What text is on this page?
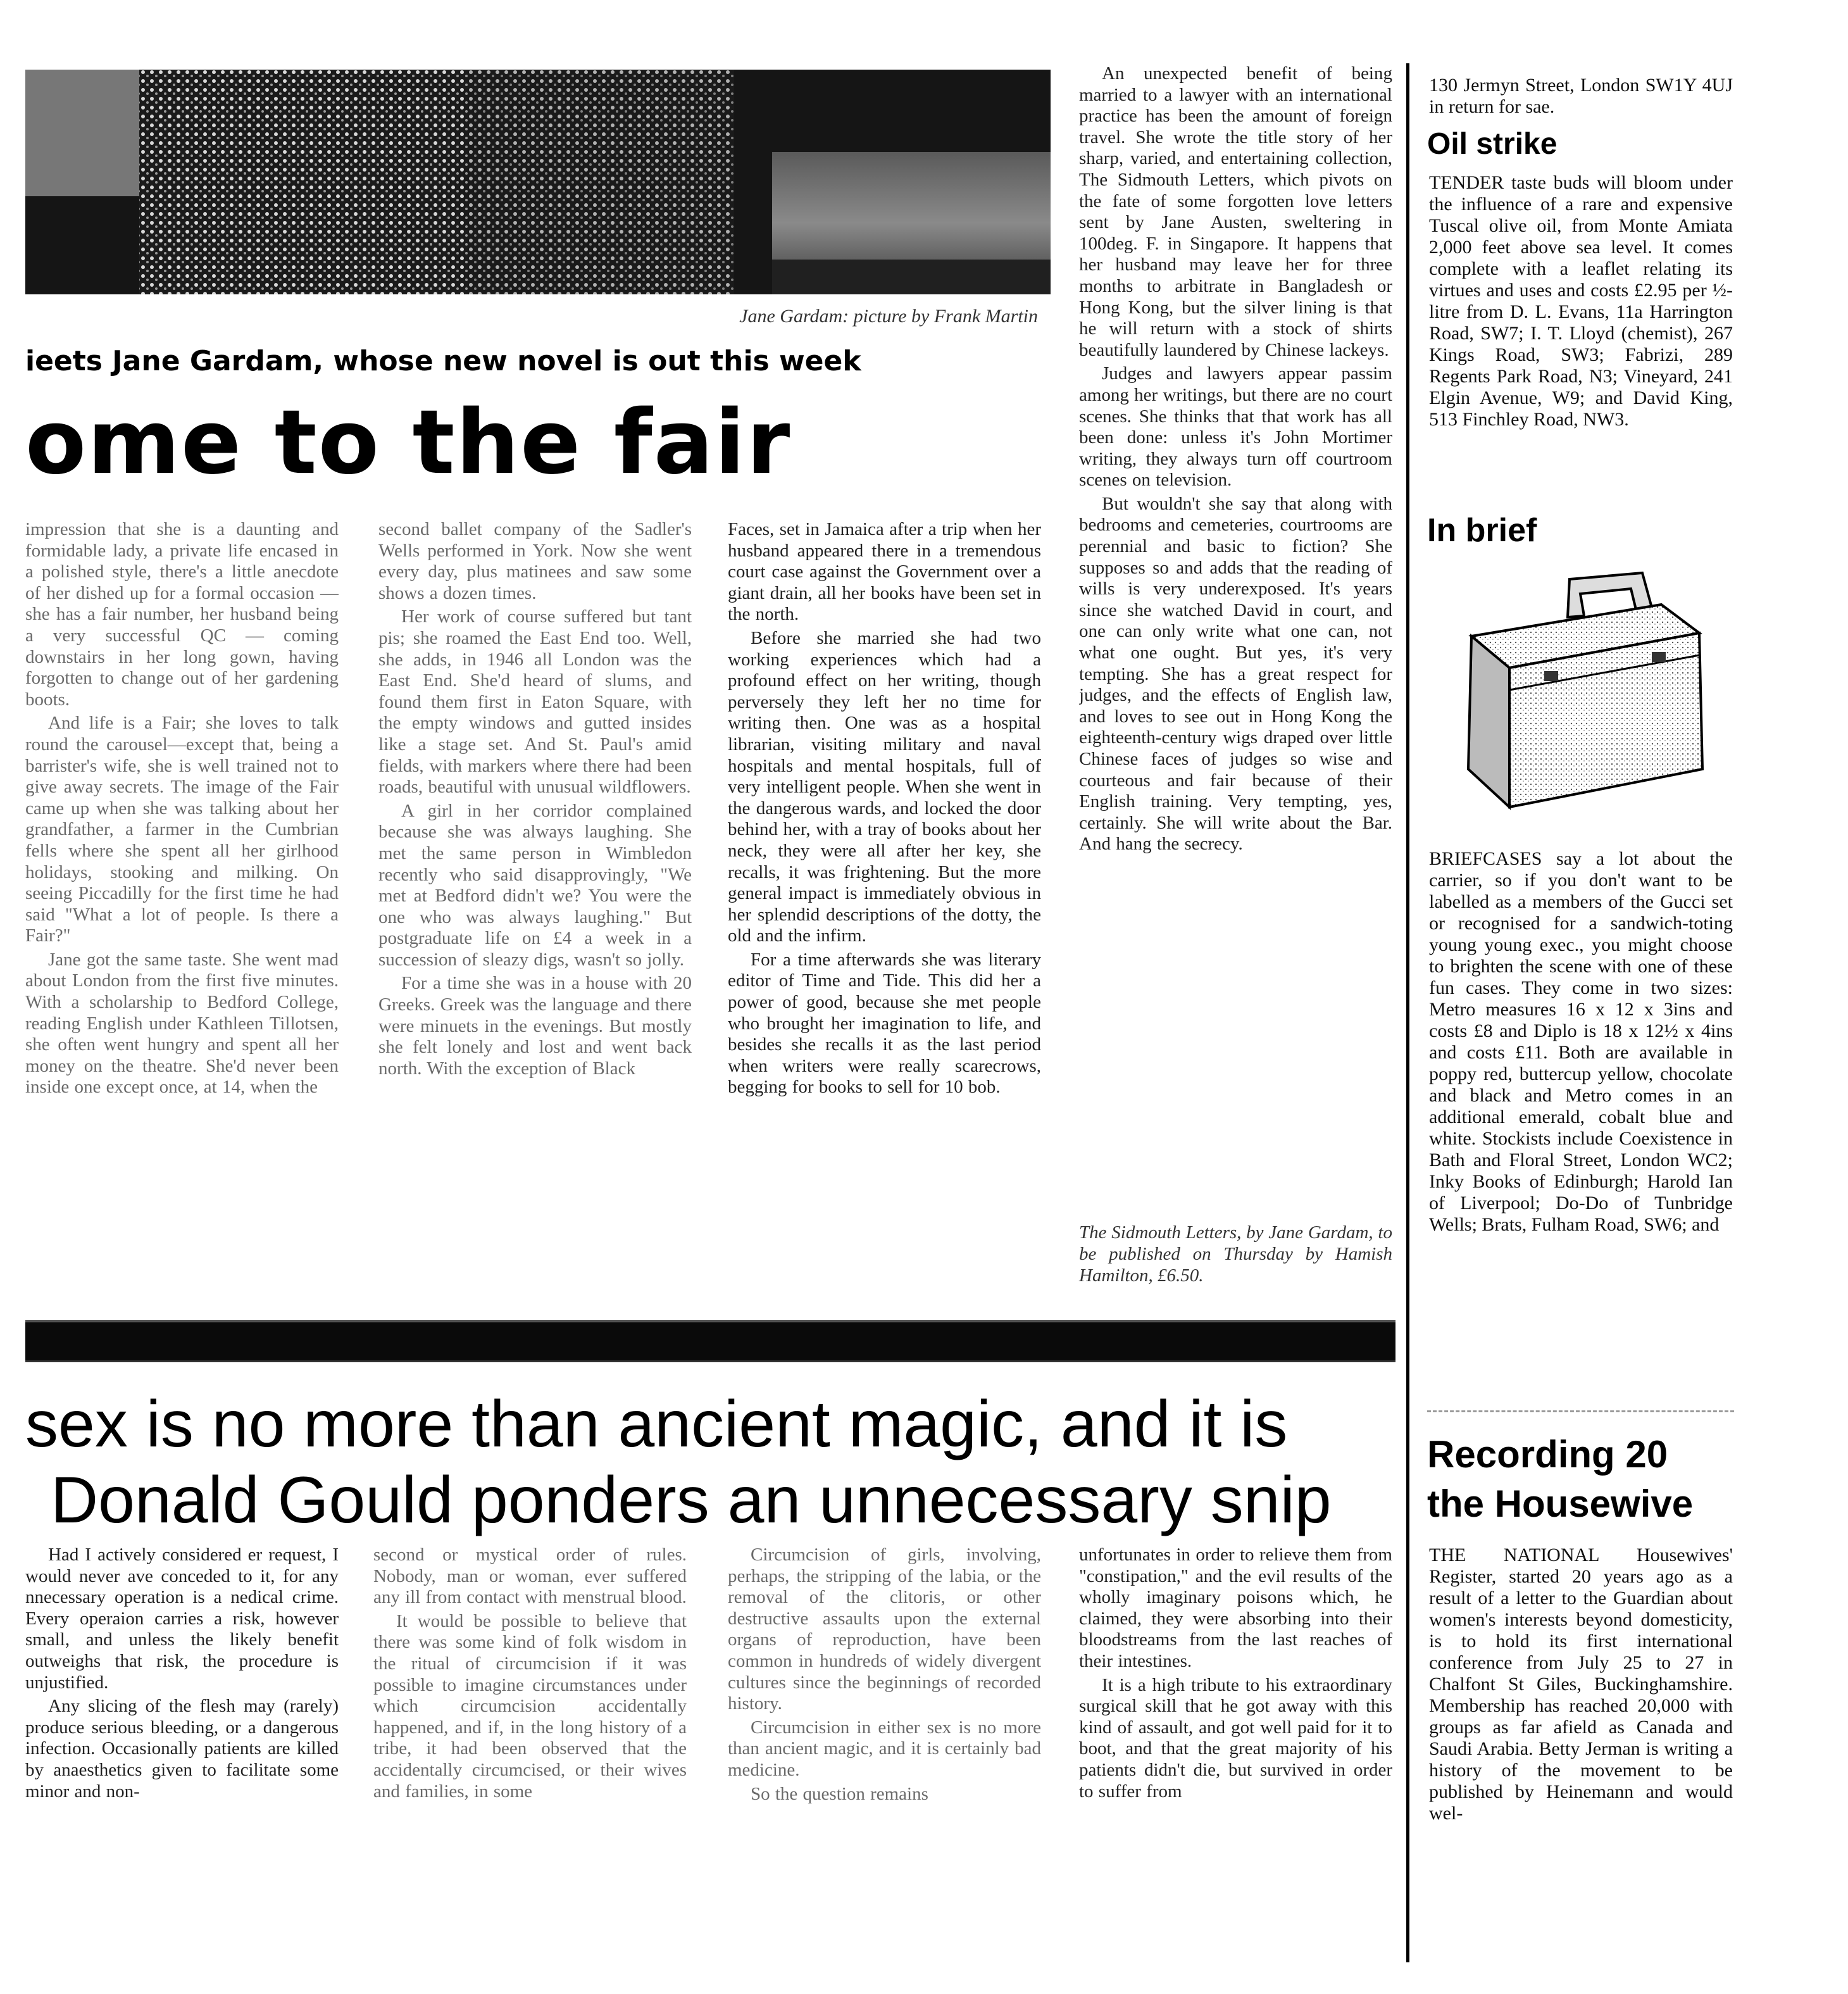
Jane Gardam: picture by Frank Martin
ieets Jane Gardam, whose new novel is out this week
ome to the fair

impression that she is a daunting and formidable lady, a private life encased in a polished style, there's a little anecdote of her dished up for a formal occasion — she has a fair number, her husband being a very successful QC — coming downstairs in her long gown, having forgotten to change out of her gardening boots.

And life is a Fair; she loves to talk round the carousel—except that, being a barrister's wife, she is well trained not to give away secrets. The image of the Fair came up when she was talking about her grandfather, a farmer in the Cumbrian fells where she spent all her girlhood holidays, stooking and milking. On seeing Piccadilly for the first time he had said "What a lot of people. Is there a Fair?"

Jane got the same taste. She went mad about London from the first five minutes. With a scholarship to Bedford College, reading English under Kathleen Tillotsen, she often went hungry and spent all her money on the theatre. She'd never been inside one except once, at 14, when the

second ballet company of the Sadler's Wells performed in York. Now she went every day, plus matinees and saw some shows a dozen times.

Her work of course suffered but tant pis; she roamed the East End too. Well, she adds, in 1946 all London was the East End. She'd heard of slums, and found them first in Eaton Square, with the empty windows and gutted insides like a stage set. And St. Paul's amid fields, with markers where there had been roads, beautiful with unusual wildflowers.

A girl in her corridor complained because she was always laughing. She met the same person in Wimbledon recently who said disapprovingly, "We met at Bedford didn't we? You were the one who was always laughing." But postgraduate life on £4 a week in a succession of sleazy digs, wasn't so jolly.

For a time she was in a house with 20 Greeks. Greek was the language and there were minuets in the evenings. But mostly she felt lonely and lost and went back north. With the exception of Black

Faces, set in Jamaica after a trip when her husband appeared there in a tremendous court case against the Government over a giant drain, all her books have been set in the north.

Before she married she had two working experiences which had a profound effect on her writing, though perversely they left her no time for writing then. One was as a hospital librarian, visiting military and naval hospitals and mental hospitals, full of very intelligent people. When she went in the dangerous wards, and locked the door behind her, with a tray of books about her neck, they were all after her key, she recalls, it was frightening. But the more general impact is immediately obvious in her splendid descriptions of the dotty, the old and the infirm.

For a time afterwards she was literary editor of Time and Tide. This did her a power of good, because she met people who brought her imagination to life, and besides she recalls it as the last period when writers were really scarecrows, begging for books to sell for 10 bob.

An unexpected benefit of being married to a lawyer with an international practice has been the amount of foreign travel. She wrote the title story of her sharp, varied, and entertaining collection, The Sidmouth Letters, which pivots on the fate of some forgotten love letters sent by Jane Austen, sweltering in 100deg. F. in Singapore. It happens that her husband may leave her for three months to arbitrate in Bangladesh or Hong Kong, but the silver lining is that he will return with a stock of shirts beautifully laundered by Chinese lackeys.

Judges and lawyers appear passim among her writings, but there are no court scenes. She thinks that that work has all been done: unless it's John Mortimer writing, they always turn off courtroom scenes on television.

But wouldn't she say that along with bedrooms and cemeteries, courtrooms are perennial and basic to fiction? She supposes so and adds that the reading of wills is very underexposed. It's years since she watched David in court, and one can only write what one can, not what one ought. But yes, it's very tempting. She has a great respect for judges, and the effects of English law, and loves to see out in Hong Kong the eighteenth-century wigs draped over little Chinese faces of judges so wise and courteous and fair because of their English training. Very tempting, yes, certainly. She will write about the Bar. And hang the secrecy.

The Sidmouth Letters, by Jane Gardam, to be published on Thursday by Hamish Hamilton, £6.50.
sex is no more than ancient magic, and it is
Donald Gould ponders an unnecessary snip

Had I actively considered er request, I would never ave conceded to it, for any nnecessary operation is a nedical crime. Every operaion carries a risk, however small, and unless the likely benefit outweighs that risk, the procedure is unjustified.

Any slicing of the flesh may (rarely) produce serious bleeding, or a dangerous infection. Occasionally patients are killed by anaesthetics given to facilitate some minor and non-

second or mystical order of rules. Nobody, man or woman, ever suffered any ill from contact with menstrual blood.

It would be possible to believe that there was some kind of folk wisdom in the ritual of circumcision if it was possible to imagine circumstances under which circumcision accidentally happened, and if, in the long history of a tribe, it had been observed that the accidentally circumcised, or their wives and families, in some

Circumcision of girls, involving, perhaps, the stripping of the labia, or the removal of the clitoris, or other destructive assaults upon the external organs of reproduction, have been common in hundreds of widely divergent cultures since the beginnings of recorded history.

Circumcision in either sex is no more than ancient magic, and it is certainly bad medicine.

So the question remains

unfortunates in order to relieve them from "constipation," and the evil results of the wholly imaginary poisons which, he claimed, they were absorbing into their bloodstreams from the last reaches of their intestines.

It is a high tribute to his extraordinary surgical skill that he got away with this kind of assault, and got well paid for it to boot, and that the great majority of his patients didn't die, but survived in order to suffer from

130 Jermyn Street, London SW1Y 4UJ in return for sae.
Oil strike
TENDER taste buds will bloom under the influence of a rare and expensive Tuscal olive oil, from Monte Amiata 2,000 feet above sea level. It comes complete with a leaflet relating its virtues and uses and costs £2.95 per ½-litre from D. L. Evans, 11a Harrington Road, SW7; I. T. Lloyd (chemist), 267 Kings Road, SW3; Fabrizi, 289 Regents Park Road, N3; Vineyard, 241 Elgin Avenue, W9; and David King, 513 Finchley Road, NW3.
In brief
BRIEFCASES say a lot about the carrier, so if you don't want to be labelled as a members of the Gucci set or recognised for a sandwich-toting young young exec., you might choose to brighten the scene with one of these fun cases. They come in two sizes: Metro measures 16 x 12 x 3ins and costs £8 and Diplo is 18 x 12½ x 4ins and costs £11. Both are available in poppy red, buttercup yellow, chocolate and black and Metro comes in an additional emerald, cobalt blue and white. Stockists include Coexistence in Bath and Floral Street, London WC2; Inky Books of Edinburgh; Harold Ian of Liverpool; Do-Do of Tunbridge Wells; Brats, Fulham Road, SW6; and
Recording 20
the Housewive
THE NATIONAL Housewives' Register, started 20 years ago as a result of a letter to the Guardian about women's interests beyond domesticity, is to hold its first international conference from July 25 to 27 in Chalfont St Giles, Buckinghamshire. Membership has reached 20,000 with groups as far afield as Canada and Saudi Arabia. Betty Jerman is writing a history of the movement to be published by Heinemann and would wel-
